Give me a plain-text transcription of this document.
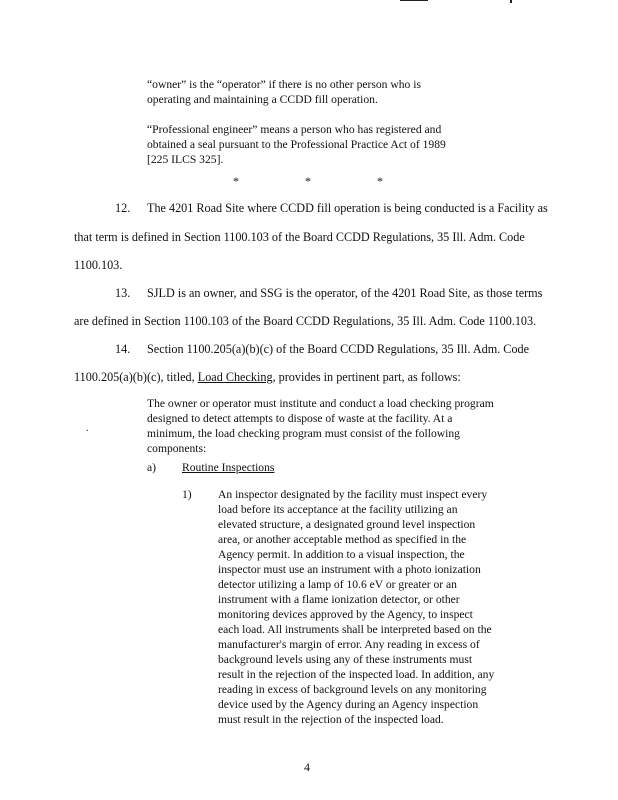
“owner” is the “operator” if there is no other person who is
operating and maintaining a CCDD fill operation.
“Professional engineer” means a person who has registered and
obtained a seal pursuant to the Professional Practice Act of 1989
[225 ILCS 325].
*	*	*
12. The 4201 Road Site where CCDD fill operation is being conducted is a Facility as
that term is defined in Section 1100.103 of the Board CCDD Regulations, 35 Ill. Adm. Code
1100.103.
13. SJLD is an owner, and SSG is the operator, of the 4201 Road Site, as those terms
are defined in Section 1100.103 of the Board CCDD Regulations, 35 Ill. Adm. Code 1100.103.
14. Section 1100.205(a)(b)(c) of the Board CCDD Regulations, 35 Ill. Adm. Code
1100.205(a)(b)(c), titled, Load Checking, provides in pertinent part, as follows:
The owner or operator must institute and conduct a load checking program
designed to detect attempts to dispose of waste at the facility. At a
minimum, the load checking program must consist of the following
components:
.
a) Routine Inspections
1) An inspector designated by the facility must inspect every
load before its acceptance at the facility utilizing an
elevated structure, a designated ground level inspection
area, or another acceptable method as specified in the
Agency permit. In addition to a visual inspection, the
inspector must use an instrument with a photo ionization
detector utilizing a lamp of 10.6 eV or greater or an
instrument with a flame ionization detector, or other
monitoring devices approved by the Agency, to inspect
each load. All instruments shall be interpreted based on the
manufacturer's margin of error. Any reading in excess of
background levels using any of these instruments must
result in the rejection of the inspected load. In addition, any
reading in excess of background levels on any monitoring
device used by the Agency during an Agency inspection
must result in the rejection of the inspected load.
4
